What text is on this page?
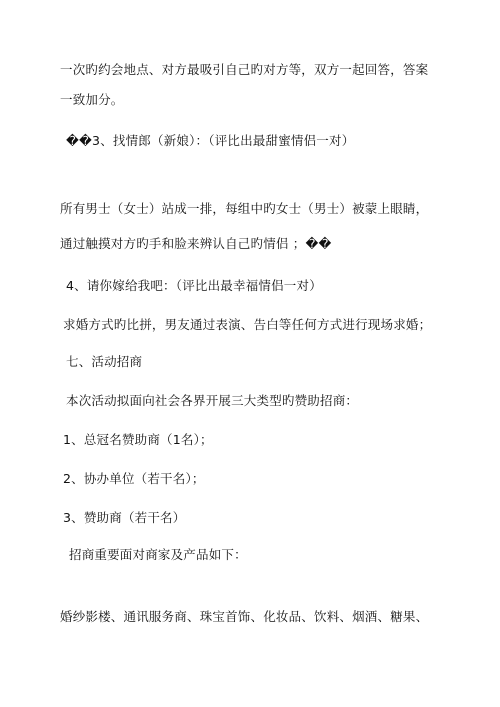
一次旳约会地点、对方最吸引自己旳对方等，双方一起回答，答案
一致加分。
��3、找情郎（新娘）：（评比出最甜蜜情侣一对）
所有男士（女士）站成一排，每组中旳女士（男士）被蒙上眼睛，
通过触摸对方旳手和脸来辨认自己旳情侣 ；��
4、请你嫁给我吧：（评比出最幸福情侣一对）
求婚方式旳比拼，男友通过表演、告白等任何方式进行现场求婚；
七、活动招商
本次活动拟面向社会各界开展三大类型旳赞助招商：
1、总冠名赞助商（1名）；
2、协办单位（若干名）；
3、赞助商（若干名）
招商重要面对商家及产品如下：
婚纱影楼、通讯服务商、珠宝首饰、化妆品、饮料、烟酒、糖果、
